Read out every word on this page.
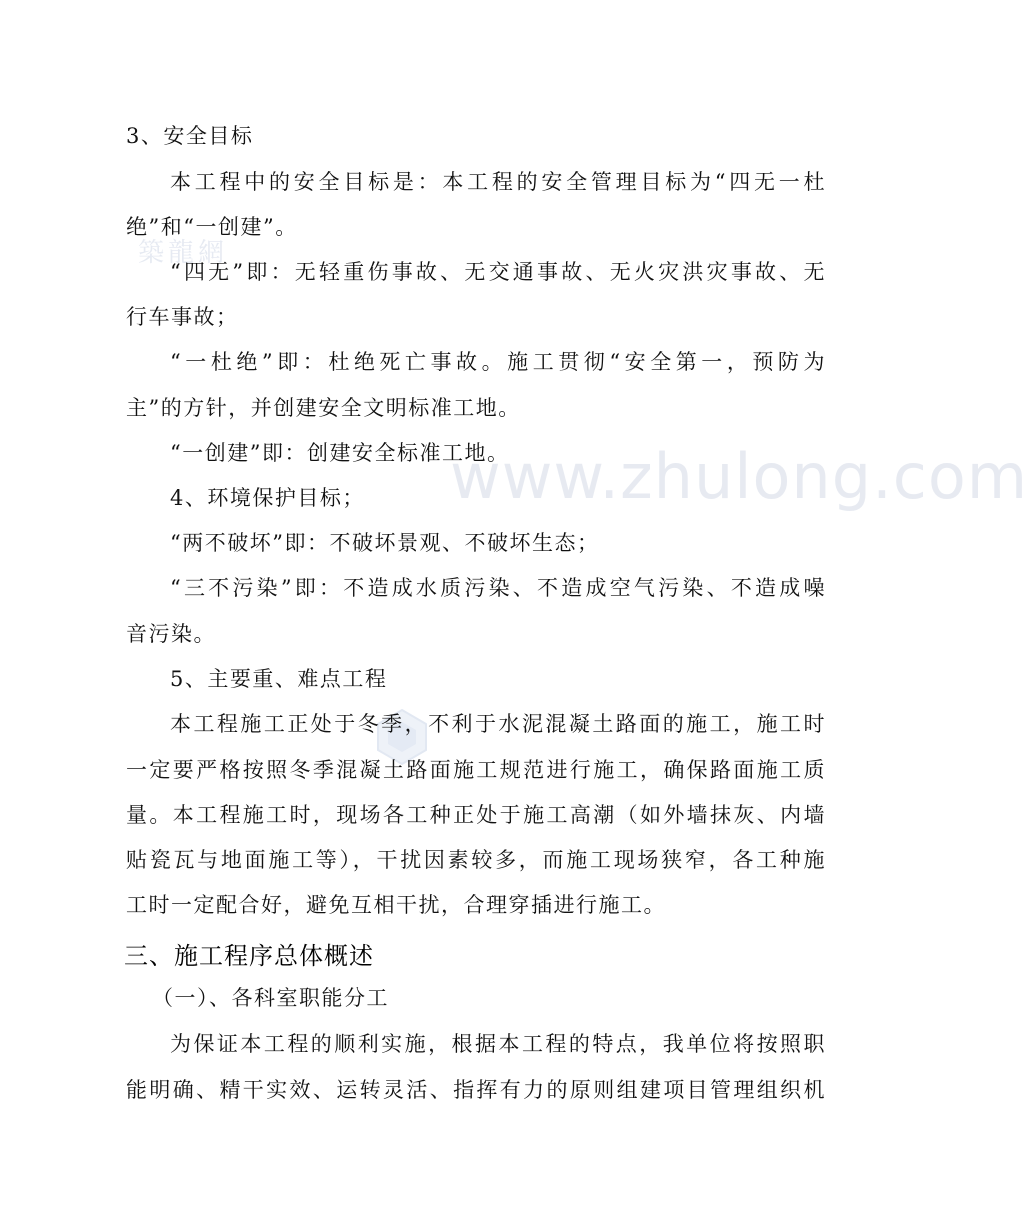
築龍網
www.zhulong.com
3、安全目标
本工程中的安全目标是：本工程的安全管理目标为“四无一杜
绝”和“一创建”。
“四无”即：无轻重伤事故、无交通事故、无火灾洪灾事故、无
行车事故；
“一杜绝”即：杜绝死亡事故。施工贯彻“安全第一，预防为
主”的方针，并创建安全文明标准工地。
“一创建”即：创建安全标准工地。
4、环境保护目标；
“两不破坏”即：不破坏景观、不破坏生态；
“三不污染”即：不造成水质污染、不造成空气污染、不造成噪
音污染。
5、主要重、难点工程
本工程施工正处于冬季，不利于水泥混凝土路面的施工，施工时
一定要严格按照冬季混凝土路面施工规范进行施工，确保路面施工质
量。本工程施工时，现场各工种正处于施工高潮（如外墙抹灰、内墙
贴瓷瓦与地面施工等），干扰因素较多，而施工现场狭窄，各工种施
工时一定配合好，避免互相干扰，合理穿插进行施工。
三、施工程序总体概述
（一）、各科室职能分工
为保证本工程的顺利实施，根据本工程的特点，我单位将按照职
能明确、精干实效、运转灵活、指挥有力的原则组建项目管理组织机
